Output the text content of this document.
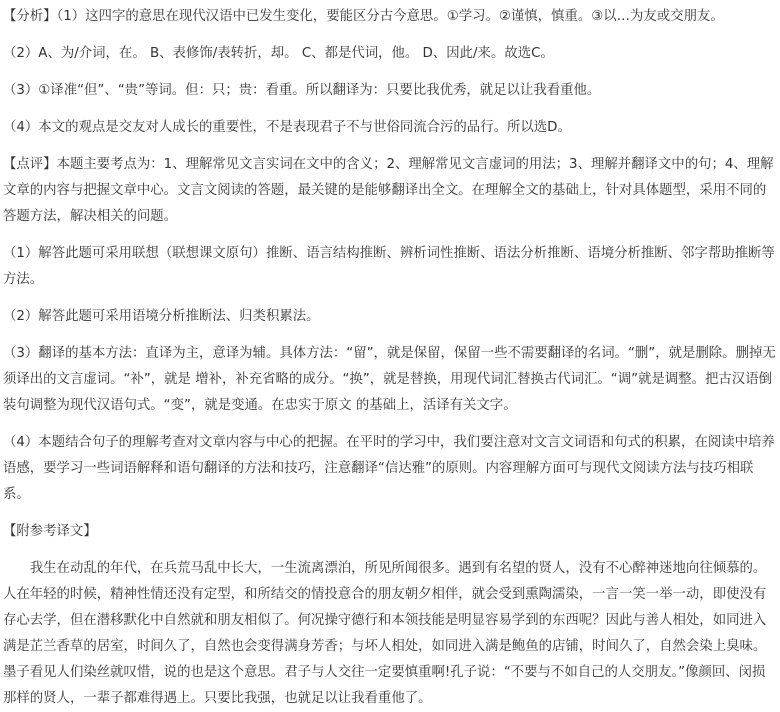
【分析】（1）这四字的意思在现代汉语中已发生变化，要能区分古今意思。①学习。②谨慎，慎重。③以…为友或交朋友。

（2）A、为/介词，在。 B、表修饰/表转折，却。 C、都是代词，他。 D、因此/来。故选C。

（3）①译准“但”、“贵”等词。但：只；贵：看重。所以翻译为：只要比我优秀，就足以让我看重他。

（4）本文的观点是交友对人成长的重要性，不是表现君子不与世俗同流合污的品行。所以选D。

【点评】本题主要考点为：1、理解常见文言实词在文中的含义；2、理解常见文言虚词的用法；3、理解并翻译文中的句；4、理解文章的内容与把握文章中心。文言文阅读的答题，最关键的是能够翻译出全文。在理解全文的基础上，针对具体题型，采用不同的答题方法，解决相关的问题。

（1）解答此题可采用联想（联想课文原句）推断、语言结构推断、辨析词性推断、语法分析推断、语境分析推断、邻字帮助推断等方法。

（2）解答此题可采用语境分析推断法、归类积累法。

（3）翻译的基本方法：直译为主，意译为辅。具体方法：“留”，就是保留，保留一些不需要翻译的名词。“删”，就是删除。删掉无须译出的文言虚词。“补”，就是 增补，补充省略的成分。“换”，就是替换，用现代词汇替换古代词汇。“调”就是调整。把古汉语倒装句调整为现代汉语句式。“变”，就是变通。在忠实于原文 的基础上，活译有关文字。

（4）本题结合句子的理解考查对文章内容与中心的把握。在平时的学习中，我们要注意对文言文词语和句式的积累，在阅读中培养语感，要学习一些词语解释和语句翻译的方法和技巧，注意翻译“信达雅”的原则。内容理解方面可与现代文阅读方法与技巧相联系。

【附参考译文】

我生在动乱的年代，在兵荒马乱中长大，一生流离漂泊，所见所闻很多。遇到有名望的贤人，没有不心醉神迷地向往倾慕的。人在年轻的时候，精神性情还没有定型，和所结交的情投意合的朋友朝夕相伴，就会受到熏陶濡染，一言一笑一举一动，即使没有存心去学，但在潜移默化中自然就和朋友相似了。何况操守德行和本领技能是明显容易学到的东西呢？因此与善人相处，如同进入满是芷兰香草的居室，时间久了，自然也会变得满身芳香；与坏人相处，如同进入满是鲍鱼的店铺，时间久了，自然会染上臭味。墨子看见人们染丝就叹惜，说的也是这个意思。君子与人交往一定要慎重啊!孔子说：“不要与不如自己的人交朋友。”像颜回、闵损那样的贤人，一辈子都难得遇上。只要比我强，也就足以让我看重他了。
